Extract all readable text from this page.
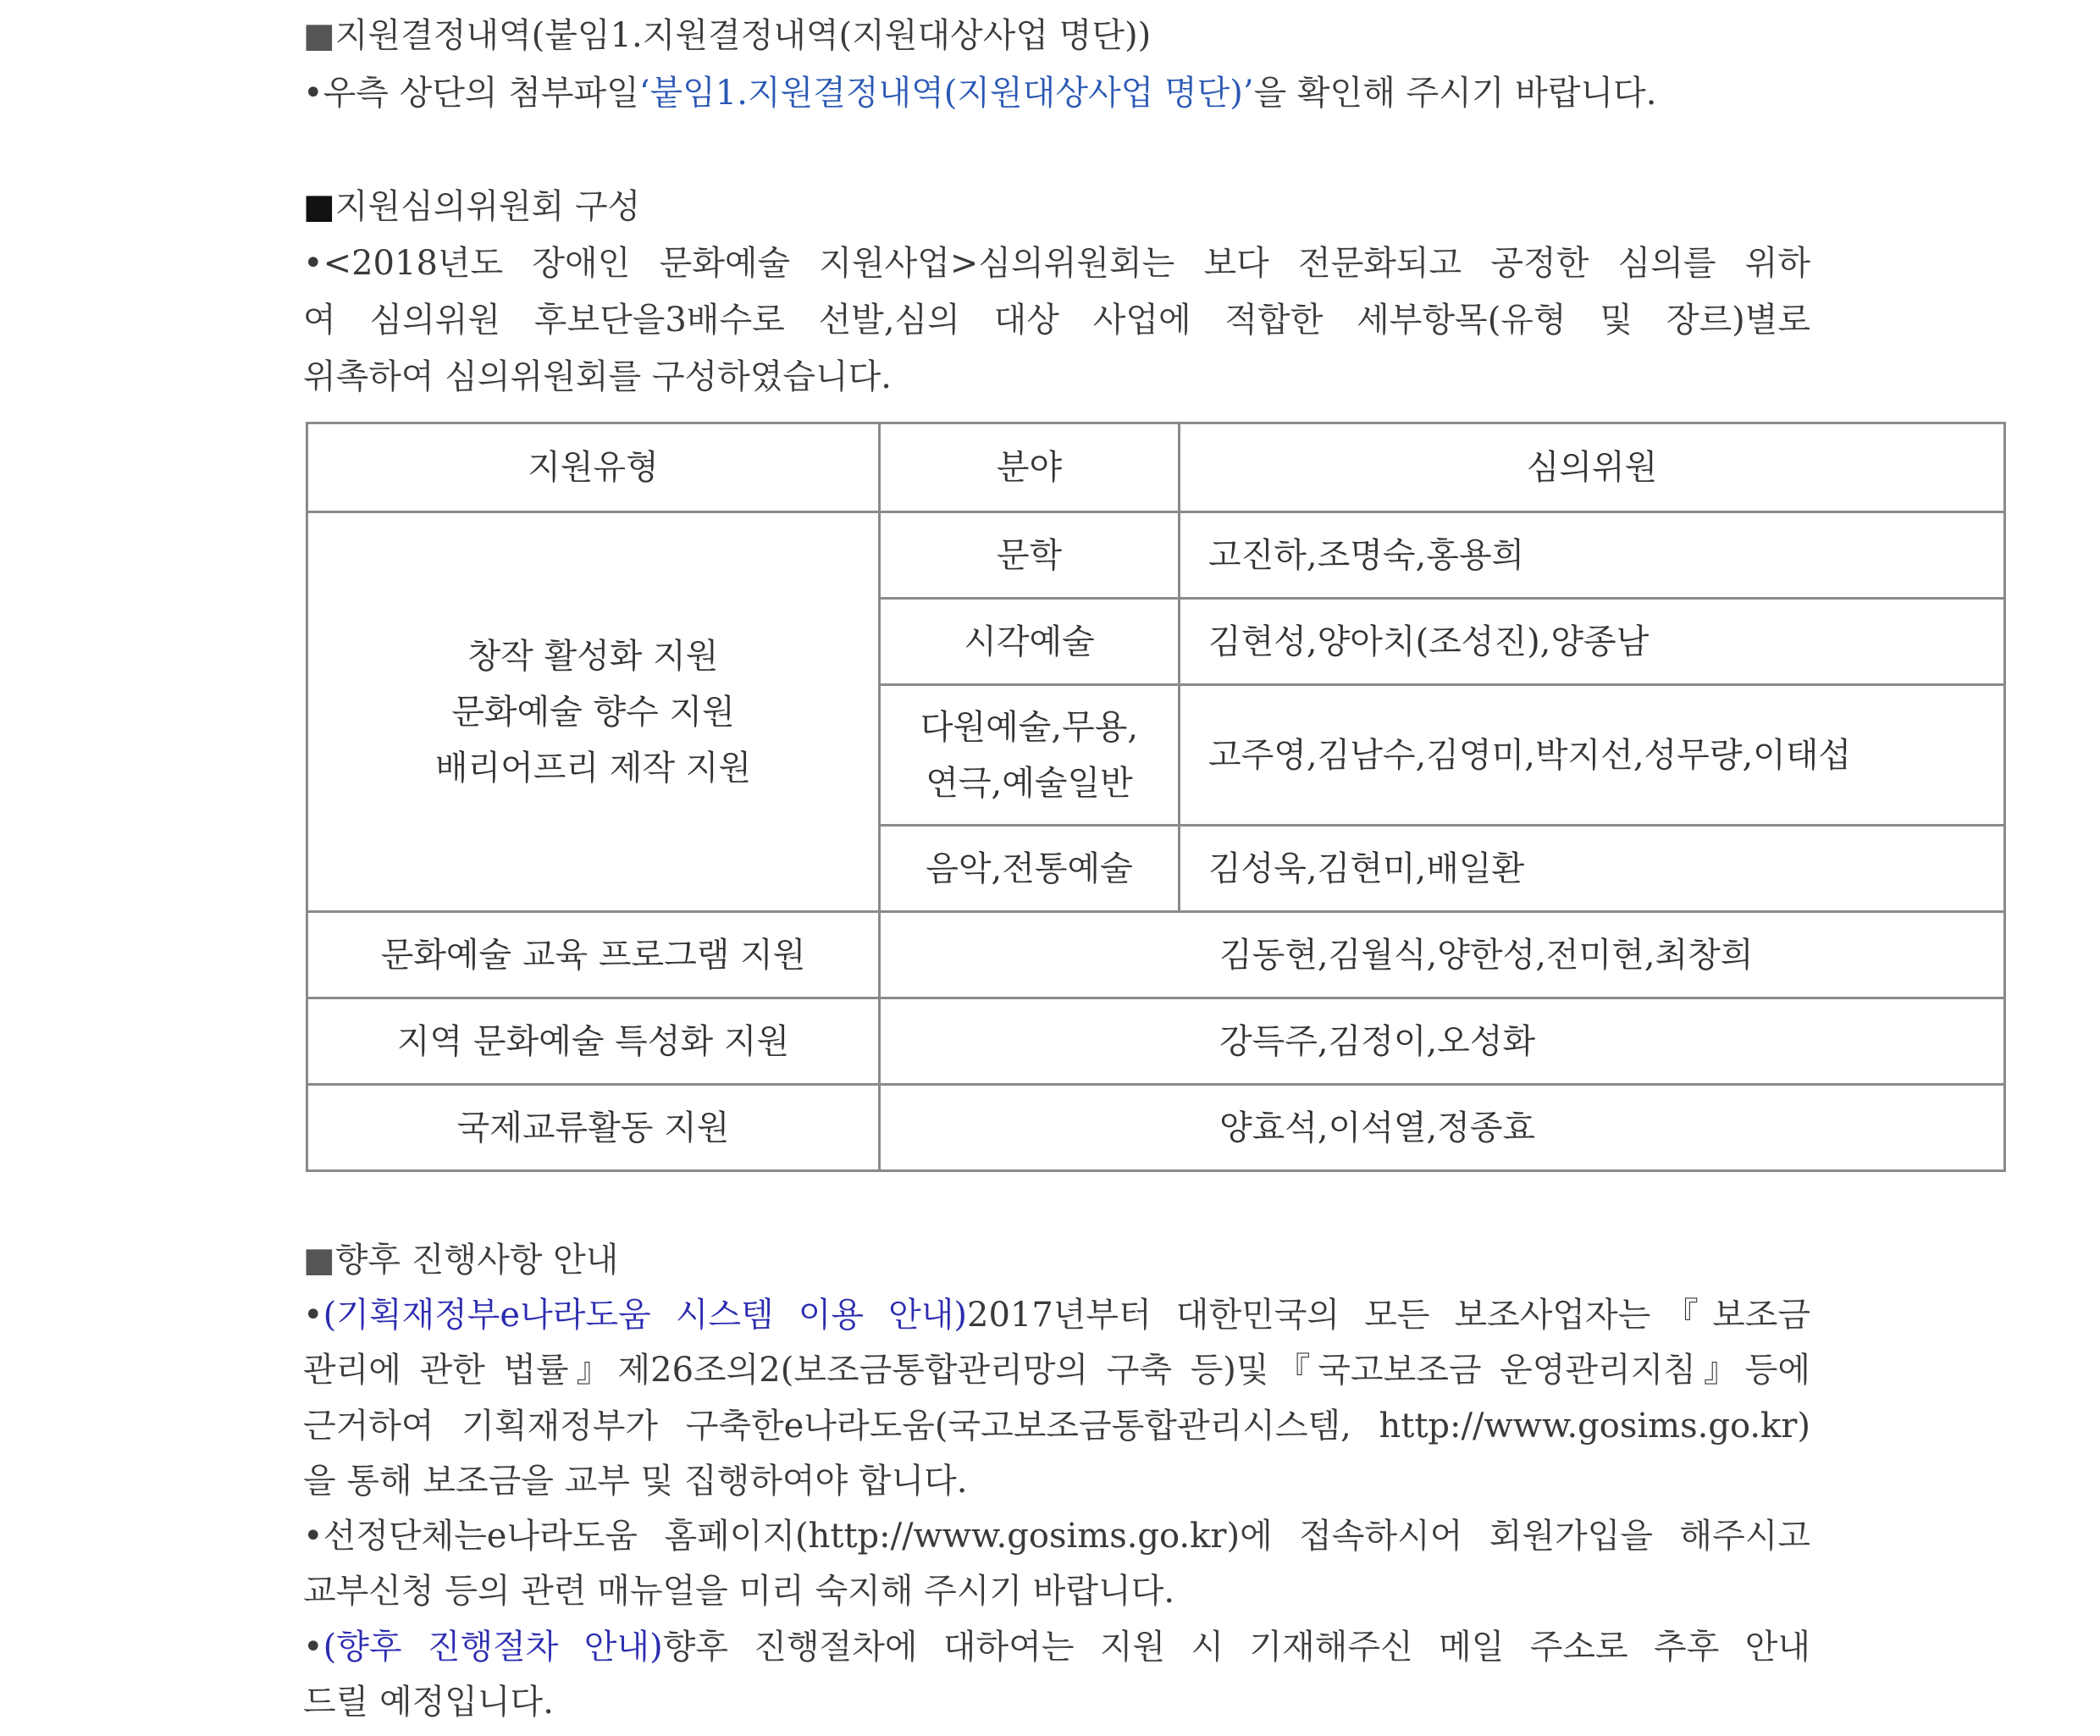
■지원결정내역(붙임1.지원결정내역(지원대상사업 명단))
•우측 상단의 첨부파일‘붙임1.지원결정내역(지원대상사업 명단)’을 확인해 주시기 바랍니다.
■지원심의위원회 구성
•<2018년도 장애인 문화예술 지원사업>심의위원회는 보다 전문화되고 공정한 심의를 위하
여 심의위원 후보단을3배수로 선발,심의 대상 사업에 적합한 세부항목(유형 및 장르)별로
위촉하여 심의위원회를 구성하였습니다.
지원유형	분야	심의위원

창작 활성화 지원
문화예술 향수 지원
배리어프리 제작 지원	문학	고진하,조명숙,홍용희
	시각예술	김현성,양아치(조성진),양종남

	다원예술,무용,
연극,예술일반	고주영,김남수,김영미,박지선,성무량,이태섭
	음악,전통예술	김성욱,김현미,배일환
문화예술 교육 프로그램 지원	김동현,김월식,양한성,전미현,최창희	
지역 문화예술 특성화 지원	강득주,김정이,오성화	
국제교류활동 지원	양효석,이석열,정종효	
■향후 진행사항 안내
•(기획재정부e나라도움 시스템 이용 안내)2017년부터 대한민국의 모든 보조사업자는『보조금
관리에 관한 법률』제26조의2(보조금통합관리망의 구축 등)및『국고보조금 운영관리지침』등에
근거하여 기획재정부가 구축한e나라도움(국고보조금통합관리시스템, http://www.gosims.go.kr)
을 통해 보조금을 교부 및 집행하여야 합니다.
•선정단체는e나라도움 홈페이지(http://www.gosims.go.kr)에 접속하시어 회원가입을 해주시고
교부신청 등의 관련 매뉴얼을 미리 숙지해 주시기 바랍니다.
•(향후 진행절차 안내)향후 진행절차에 대하여는 지원 시 기재해주신 메일 주소로 추후 안내
드릴 예정입니다.
